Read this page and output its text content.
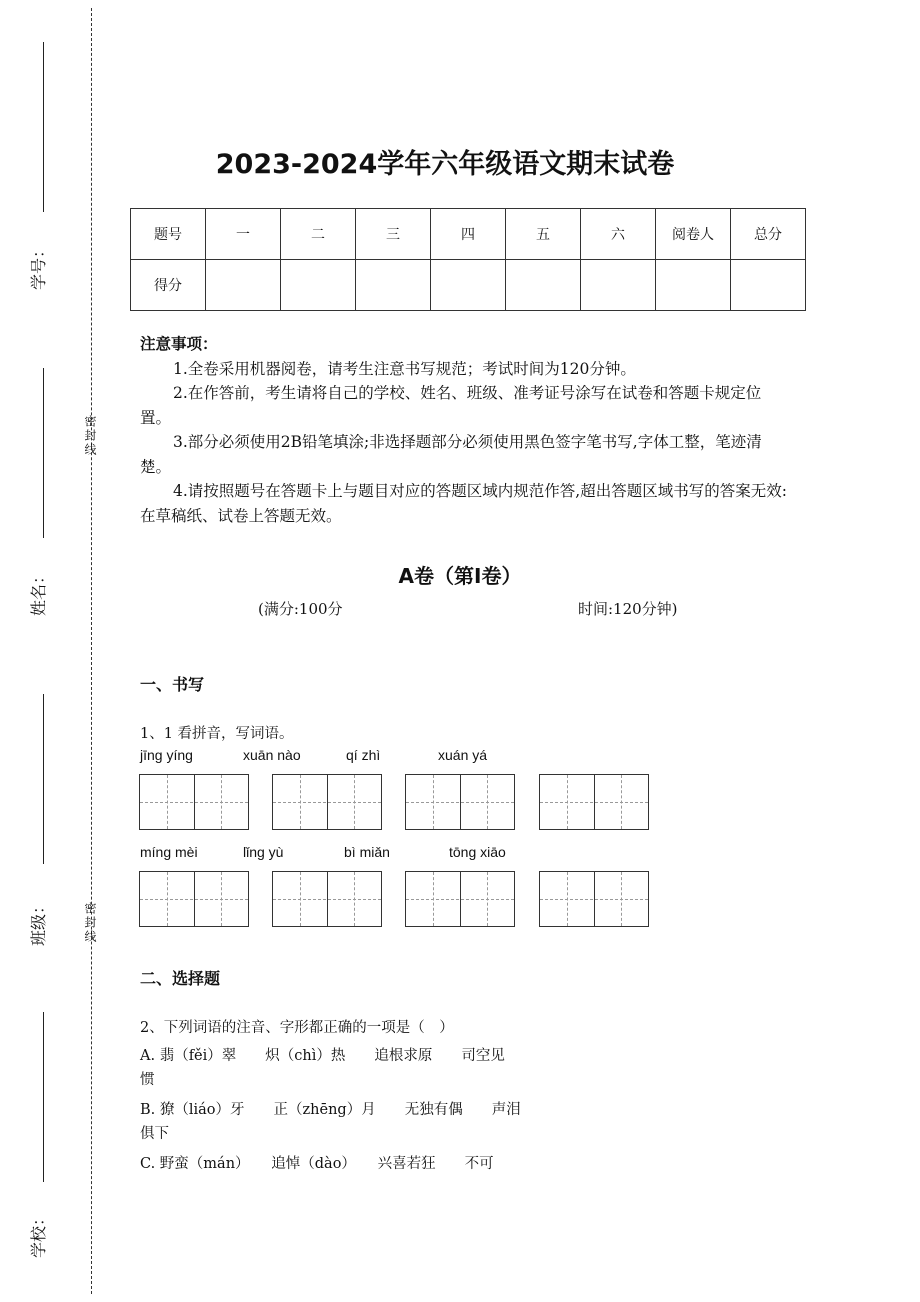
学号：
姓名：
班级：
学校：
密封线
密封线
2023-2024学年六年级语文期末试卷
题号	一	二	三	四	五	六	阅卷人	总分
得分								
注意事项：

1.全卷采用机器阅卷，请考生注意书写规范；考试时间为120分钟。

2.在作答前，考生请将自己的学校、姓名、班级、准考证号涂写在试卷和答题卡规定位置。

3.部分必须使用2B铅笔填涂;非选择题部分必须使用黑色签字笔书写,字体工整，笔迹清楚。

4.请按照题号在答题卡上与题目对应的答题区域内规范作答,超出答题区域书写的答案无效:在草稿纸、试卷上答题无效。

A卷（第Ⅰ卷）
(满分:100分	时间:120分钟)
一、书写
1、1 看拼音，写词语。
jīng yíng	xuān nào	qí zhì	xuán yá
míng mèi	lǐng yù	bì miǎn	tōng xiāo
二、选择题
2、下列词语的注音、字形都正确的一项是（　）
A. 翡（fěi）翠　　炽（chì）热　　追根求原　　司空见
惯
B. 獠（liáo）牙　　正（zhēng）月　　无独有偶　　声泪
俱下
C. 野蛮（mán）　　追悼（dào）　　兴喜若狂　　不可
